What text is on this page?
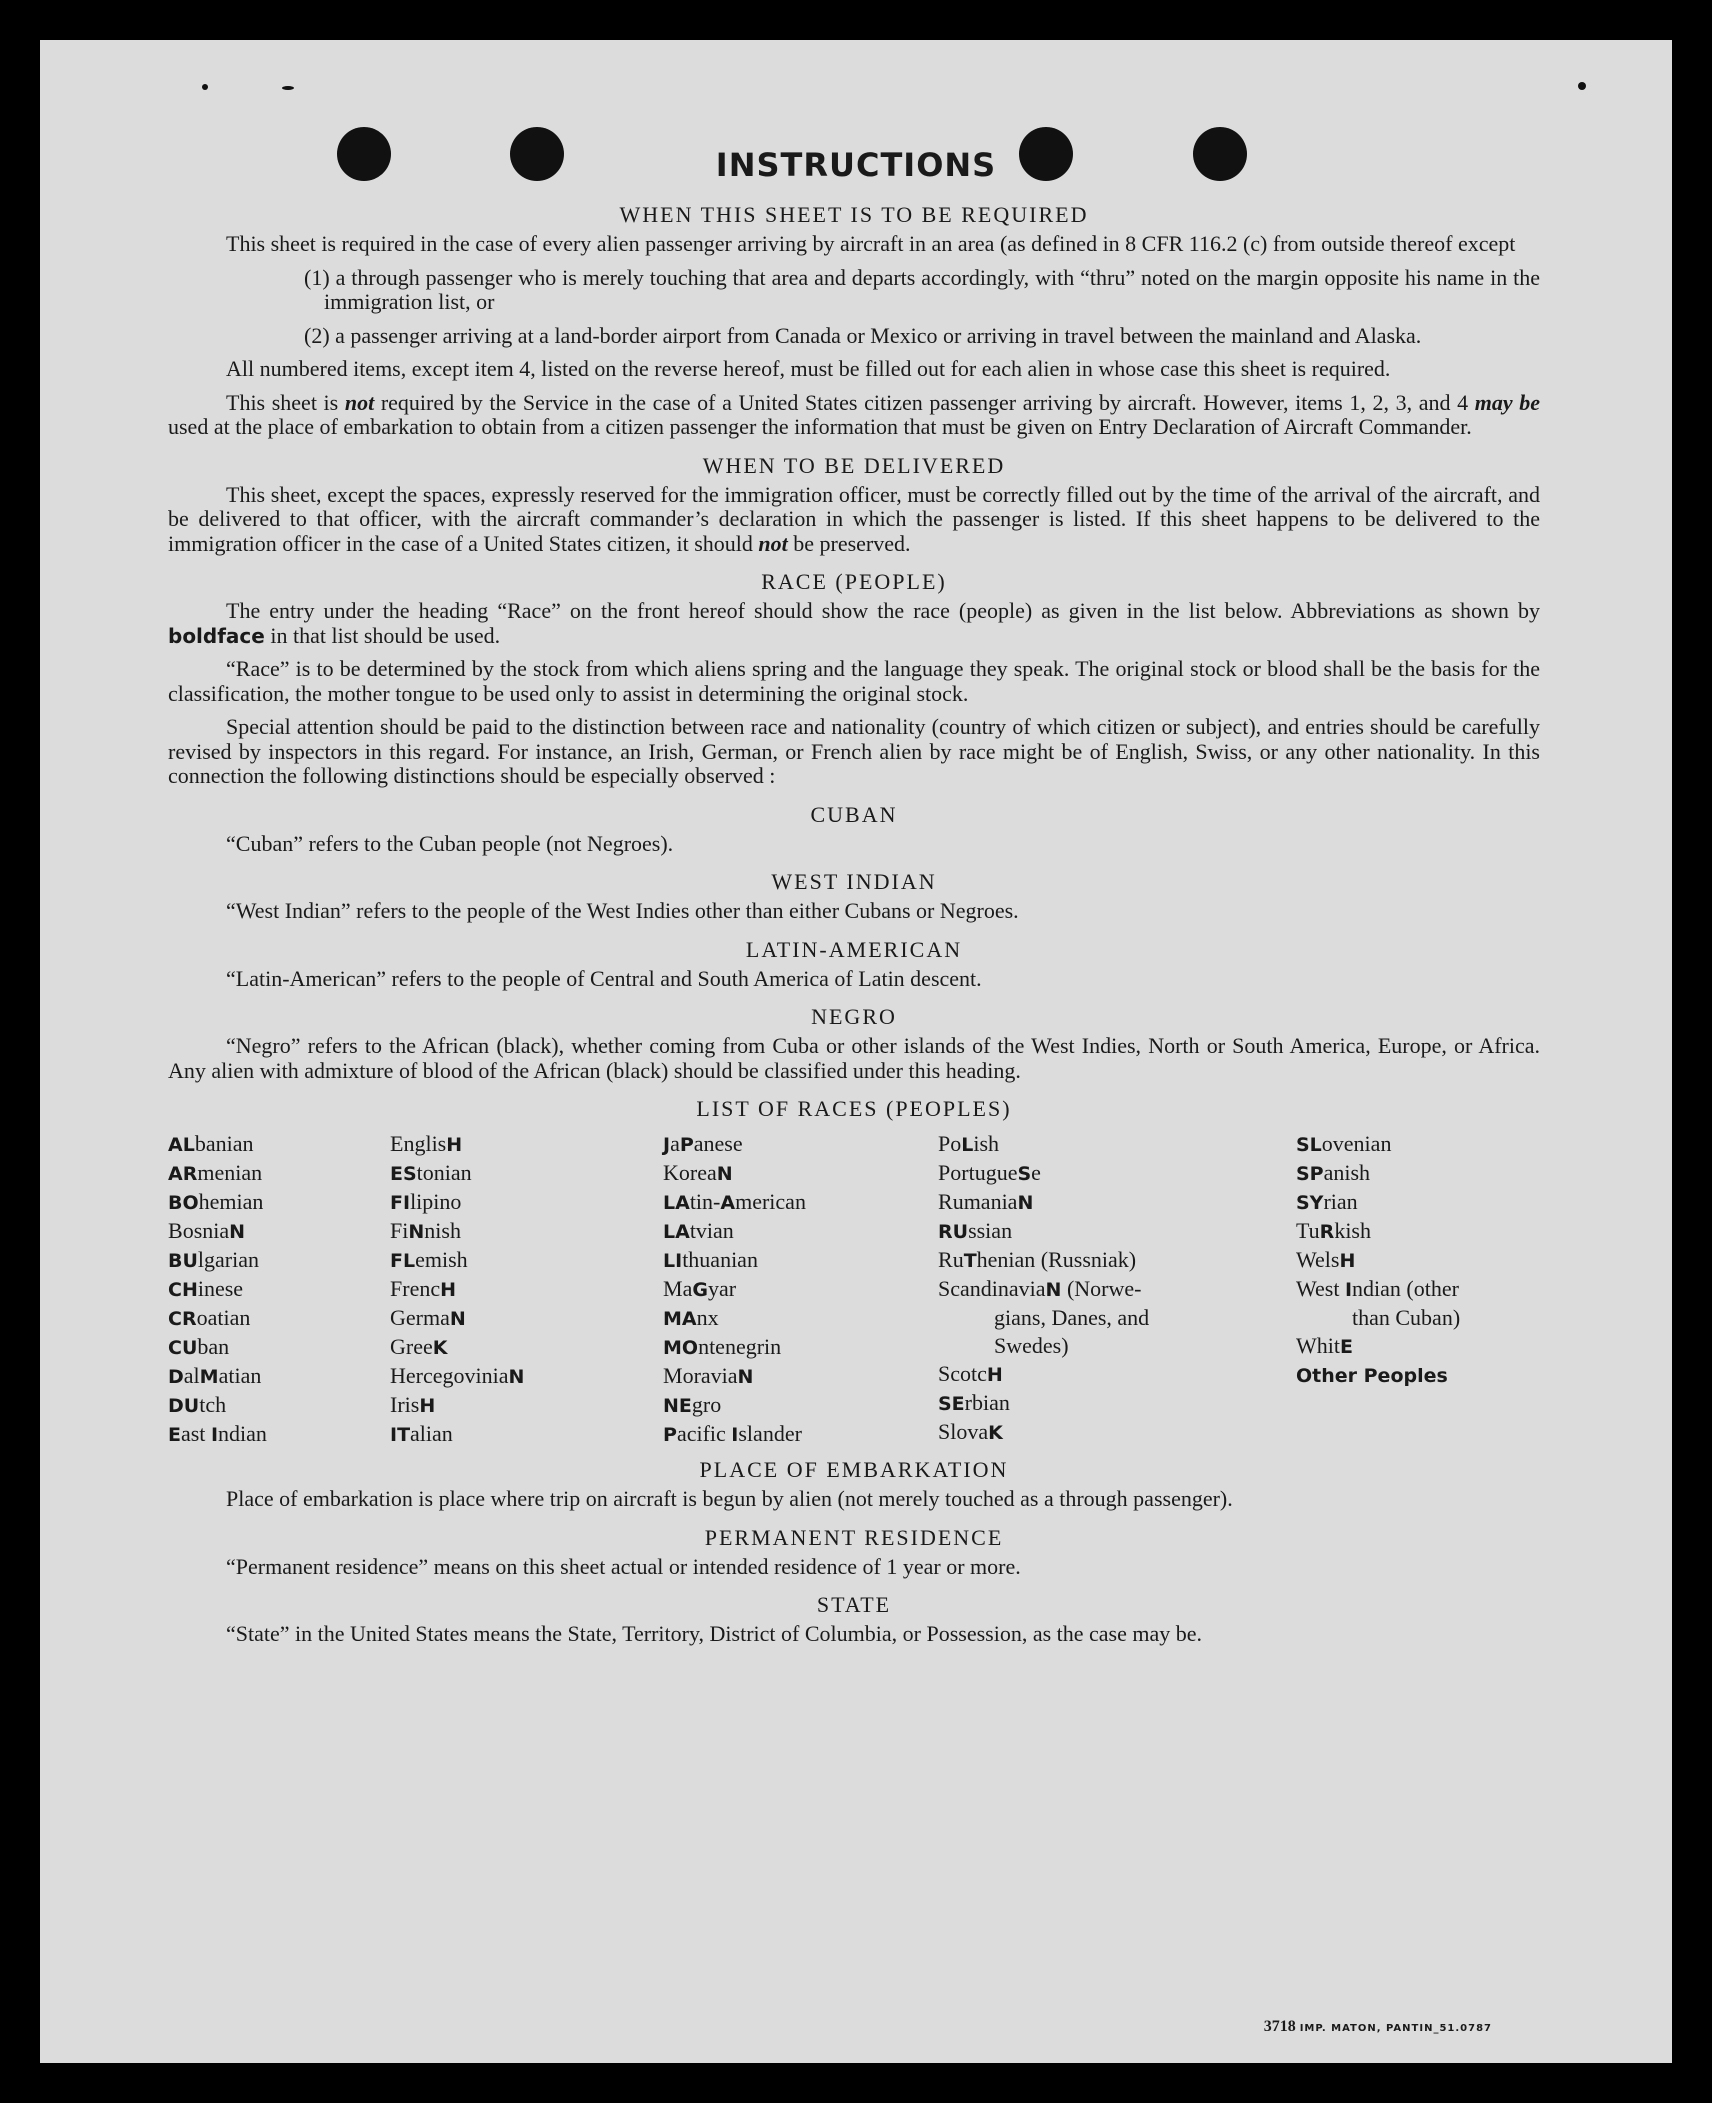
INSTRUCTIONS
WHEN THIS SHEET IS TO BE REQUIRED

This sheet is required in the case of every alien passenger arriving by aircraft in an area (as defined in 8 CFR 116.2 (c) from outside thereof except

(1) a through passenger who is merely touching that area and departs accordingly, with “thru” noted on the margin opposite his name in the immigration list, or

(2) a passenger arriving at a land-border airport from Canada or Mexico or arriving in travel between the mainland and Alaska.

All numbered items, except item 4, listed on the reverse hereof, must be filled out for each alien in whose case this sheet is required.

This sheet is not required by the Service in the case of a United States citizen passenger arriving by aircraft. However, items 1, 2, 3, and 4 may be used at the place of embarkation to obtain from a citizen passenger the information that must be given on Entry Declaration of Aircraft Commander.

WHEN TO BE DELIVERED

This sheet, except the spaces, expressly reserved for the immigration officer, must be correctly filled out by the time of the arrival of the aircraft, and be delivered to that officer, with the aircraft commander’s declaration in which the passenger is listed. If this sheet happens to be delivered to the immigration officer in the case of a United States citizen, it should not be preserved.

RACE (PEOPLE)

The entry under the heading “Race” on the front hereof should show the race (people) as given in the list below. Abbreviations as shown by boldface in that list should be used.

“Race” is to be determined by the stock from which aliens spring and the language they speak. The original stock or blood shall be the basis for the classification, the mother tongue to be used only to assist in determining the original stock.

Special attention should be paid to the distinction between race and nationality (country of which citizen or subject), and entries should be carefully revised by inspectors in this regard. For instance, an Irish, German, or French alien by race might be of English, Swiss, or any other nationality. In this connection the following distinctions should be especially observed :

CUBAN

“Cuban” refers to the Cuban people (not Negroes).

WEST INDIAN

“West Indian” refers to the people of the West Indies other than either Cubans or Negroes.

LATIN-AMERICAN

“Latin-American” refers to the people of Central and South America of Latin descent.

NEGRO

“Negro” refers to the African (black), whether coming from Cuba or other islands of the West Indies, North or South America, Europe, or Africa. Any alien with admixture of blood of the African (black) should be classified under this heading.

LIST OF RACES (PEOPLES)
ALbanian
ARmenian
BOhemian
BosniaN
BUlgarian
CHinese
CRoatian
CUban
DalMatian
DUtch
East Indian
EnglisH
EStonian
FIlipino
FiNnish
FLemish
FrencH
GermaN
GreeK
HercegoviniaN
IrisH
ITalian
JaPanese
KoreaN
LAtin-American
LAtvian
LIthuanian
MaGyar
MAnx
MOntenegrin
MoraviaN
NEgro
Pacific Islander
PoLish
PortugueSe
RumaniaN
RUssian
RuThenian (Russniak)
ScandinaviaN (Norwe-
gians, Danes, and
Swedes)
ScotcH
SErbian
SlovaK
SLovenian
SPanish
SYrian
TuRkish
WelsH
West Indian (other
than Cuban)
WhitE
Other Peoples
PLACE OF EMBARKATION

Place of embarkation is place where trip on aircraft is begun by alien (not merely touched as a through passenger).

PERMANENT RESIDENCE

“Permanent residence” means on this sheet actual or intended residence of 1 year or more.

STATE

“State” in the United States means the State, Territory, District of Columbia, or Possession, as the case may be.

3718 IMP. MATON, PANTIN_51.0787
